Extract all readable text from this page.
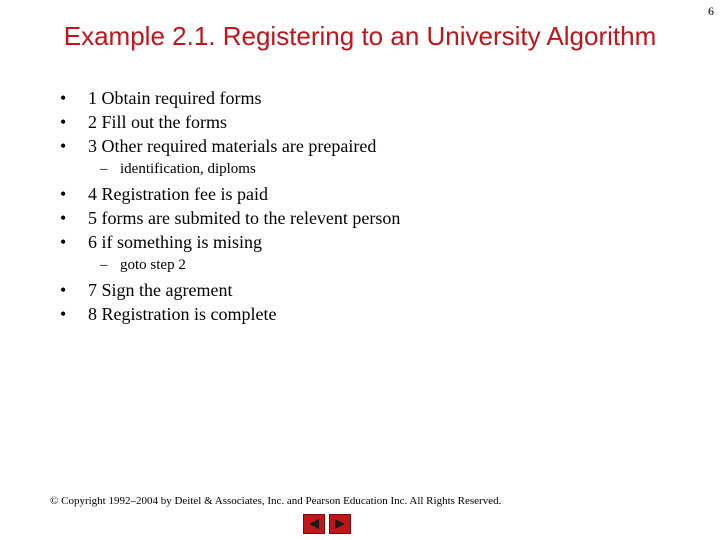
6
Example 2.1. Registering to an University Algorithm
•	1 Obtain required forms
•	2 Fill out the forms
•	3 Other required materials are prepaired
– identification, diploms
•	4 Registration fee is paid
•	5 forms are submited to the relevent person
•	6 if something is mising
– goto step 2
•	7 Sign the agrement
•	8 Registration is complete
© Copyright 1992–2004 by Deitel & Associates, Inc. and Pearson Education Inc. All Rights Reserved.
